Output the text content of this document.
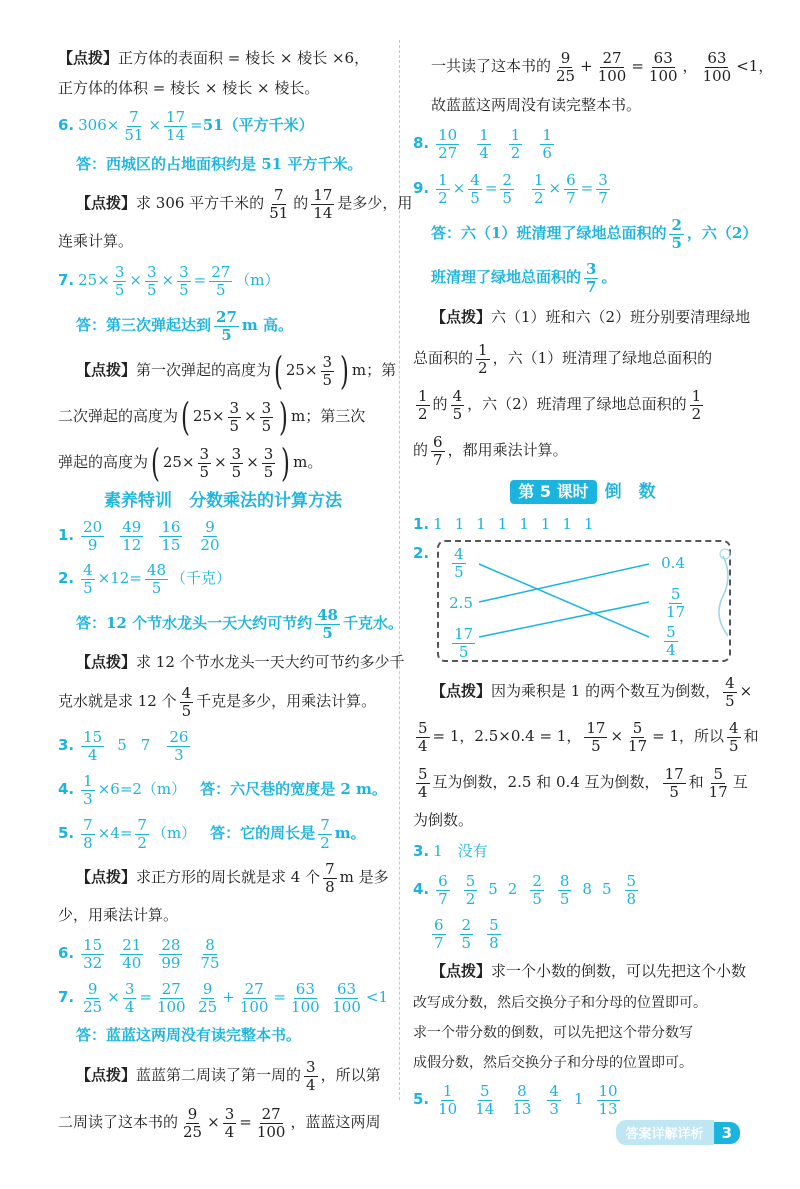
【点拨】 正方体的表面积 = 棱长 × 棱长 ×6，
正方体的体积 = 棱长 × 棱长 × 棱长。
6. $306 \times \frac{7}{51} \times \frac{17}{14} = 51$（平方千米）
答：西城区的占地面积约是 51 平方千米。
【点拨】 求 306 平方千米的 7
51
的 17
14
是多少，用
连乘计算。
7. $25 \times \frac{3}{5} \times \frac{3}{5} \times \frac{3}{5} = \frac{27}{5} (m)$
答：第三次弹起达到 27
5
m 高。
【点拨】 第一次弹起的高度为 ( $25 \times \frac{3}{5}$ ) m；第
二次弹起的高度为 ( $25 \times \frac{3}{5} \times \frac{3}{5}$ ) m；第三次
弹起的高度为 ( $25 \times \frac{3}{5} \times \frac{3}{5} \times \frac{3}{5}$ ) m。
素养特训　分数乘法的计算方法
1. 20
9
49
12
16
15
9
20
2. $\frac{4}{5} \times 12 = \frac{48}{5}$ （千克）
答：12 个节水龙头一天大约可节约 48
5
千克水。
【点拨】 求 12 个节水龙头一天大约可节约多少千
克水就是求 12 个 4
5
千克是多少，用乘法计算。
3. 15
4
5 7 26
3
4. $\frac{1}{3} \times 6 = 2(m)$ 答：六尺巷的宽度是 2 m。
5. $\frac{7}{8} \times 4 = \frac{7}{2} (m)$ 答：它的周长是 7
2
m。
【点拨】 求正方形的周长就是求 4 个 7
8
m 是多
少，用乘法计算。
6. 15
32
21
40
28
99
8
75
7. $\frac{9}{25} \times \frac{3}{4} = \frac{27}{100} 9$
25
+ $\frac{27}{100} = \frac{63}{100} 63$
100
< 1
答：蓝蓝这两周没有读完整本书。
【点拨】 蓝蓝第二周读了第一周的 3
4
，所以第
二周读了这本书的 $\frac{9}{25} \times \frac{3}{4} = \frac{27}{100}$ ，蓝蓝这两周
一共读了这本书的 9
25
+ $\frac{27}{100} = \frac{63}{100}$ ， 63
100
< 1 ，
故蓝蓝这两周没有读完整本书。
8. 10
27
1
4
1
2
1
6
9. $\frac{1}{2} \times \frac{4}{5} = \frac{2}{5} \frac{1}{2} \times \frac{6}{7} = \frac{3}{7}$
答：六（1）班清理了绿地总面积的 2
5
，六（2）
班清理了绿地总面积的 3
7
。
【点拨】 六（1）班和六（2）班分别要清理绿地
总面积的 1
2
，六（1）班清理了绿地总面积的
1
2
的 4
5
，六（2）班清理了绿地总面积的 1
2
的 6
7
，都用乘法计算。
第 5 课时 倒　数
1. 1 1 1 1 1 1 1 1
2. 4
5
2.5
17
5
0.4
5
17
5
4
【点拨】 因为乘积是 1 的两个数互为倒数， $\frac{4}{5}$ ×
$\frac{5}{4} = 1$，2.5×0.4 = 1， $\frac{17}{5} \times \frac{5}{17} = 1$，所以 4
5
和
5
4
互为倒数，2.5 和 0.4 互为倒数， 17
5
和 5
17
互
为倒数。
3. 1　没有
4. 6
7
5
2
5 2 2
5
8
5
8 5 5
8
6
7
2
5
5
8
【点拨】 求一个小数的倒数，可以先把这个小数
改写成分数，然后交换分子和分母的位置即可。
求一个带分数的倒数，可以先把这个带分数写
成假分数，然后交换分子和分母的位置即可。
5. 1
10
5
14
8
13
4
3
1 10
13
答案详解详析	3
